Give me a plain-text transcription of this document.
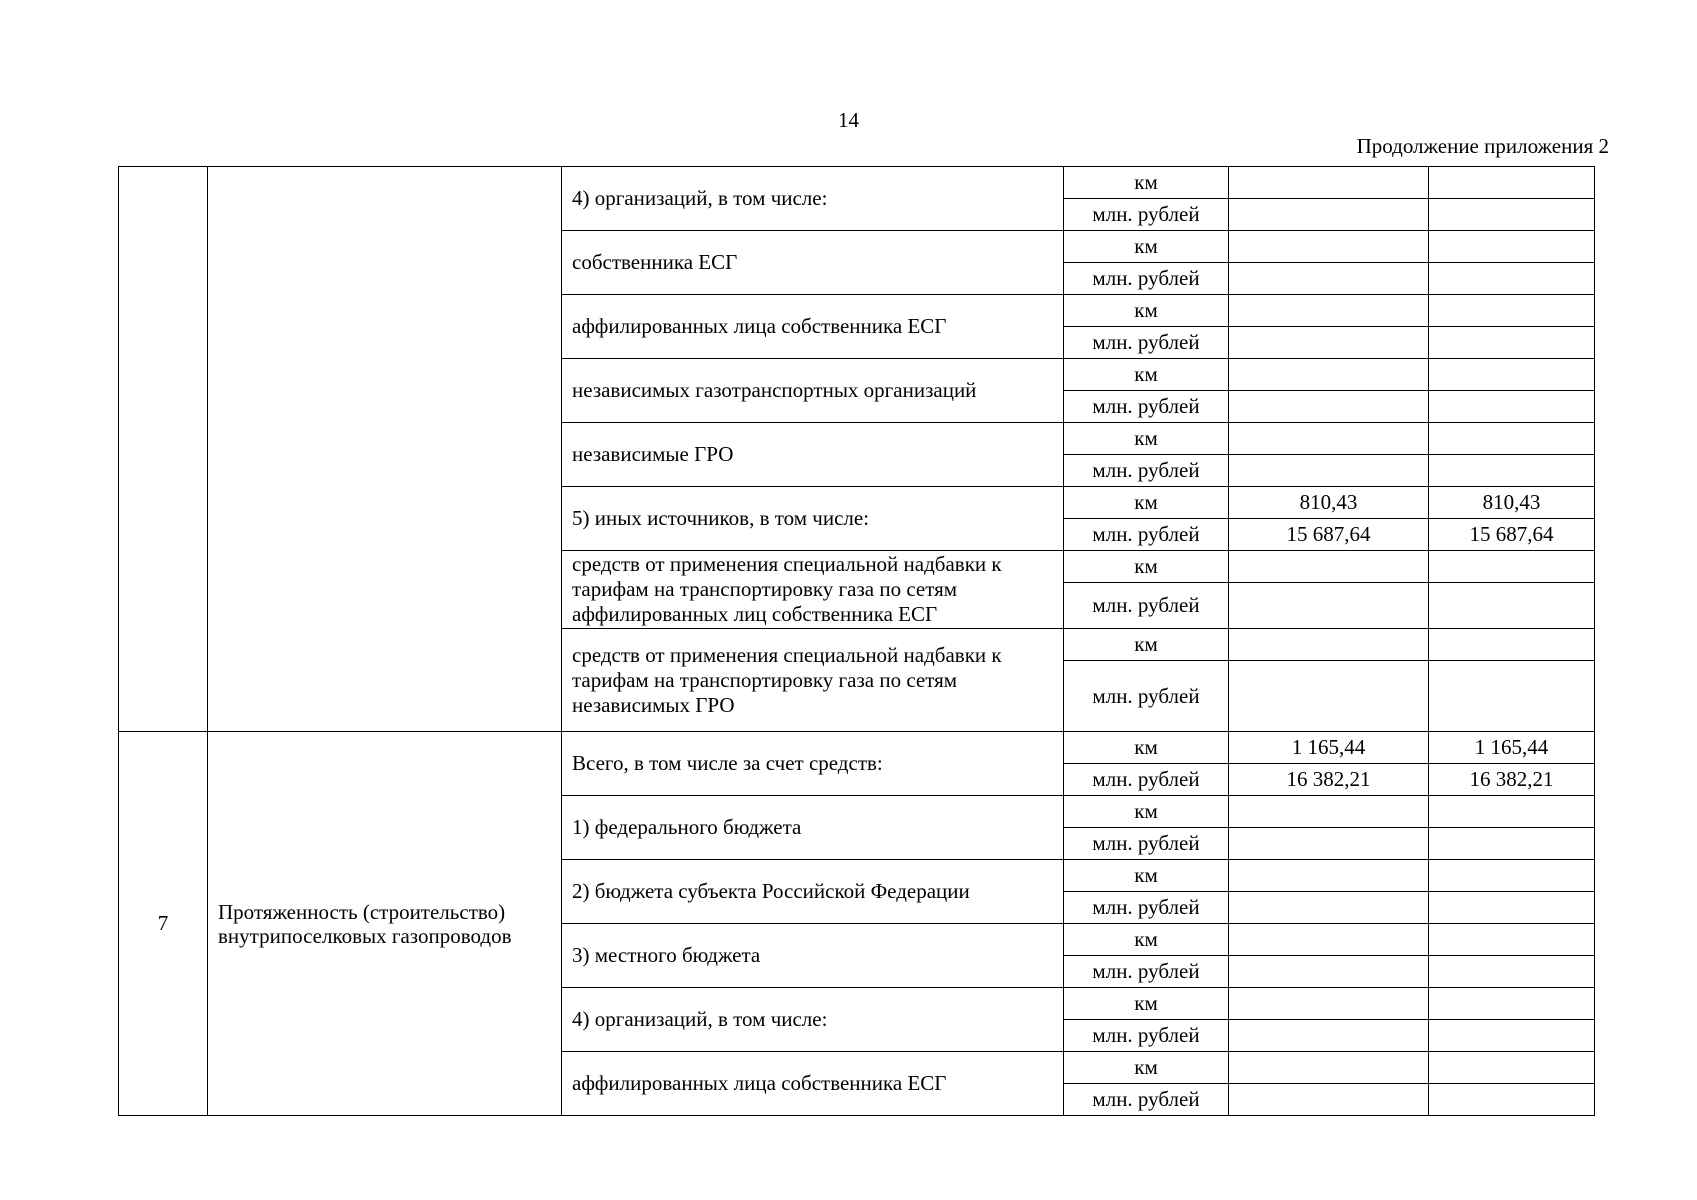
14
Продолжение приложения 2
		4) организаций, в том числе:	км		
			млн. рублей		
		собственника ЕСГ	км		
			млн. рублей		
		аффилированных лица собственника ЕСГ	км		
			млн. рублей		
		независимых газотранспортных организаций	км		
			млн. рублей		
		независимые ГРО	км		
			млн. рублей		
		5) иных источников, в том числе:	км	810,43	810,43
			млн. рублей	15 687,64	15 687,64
		средств от применения специальной надбавки к тарифам на транспортировку газа по сетям аффилированных лиц собственника ЕСГ	км		
			млн. рублей		
		средств от применения специальной надбавки к тарифам на транспортировку газа по сетям независимых ГРО	км		
			млн. рублей		
7	Протяженность (строительство) внутрипоселковых газопроводов	Всего, в том числе за счет средств:	км	1 165,44	1 165,44
			млн. рублей	16 382,21	16 382,21
		1) федерального бюджета	км		
			млн. рублей		
		2) бюджета субъекта Российской Федерации	км		
			млн. рублей		
		3) местного бюджета	км		
			млн. рублей		
		4) организаций, в том числе:	км		
			млн. рублей		
		аффилированных лица собственника ЕСГ	км		
			млн. рублей		
